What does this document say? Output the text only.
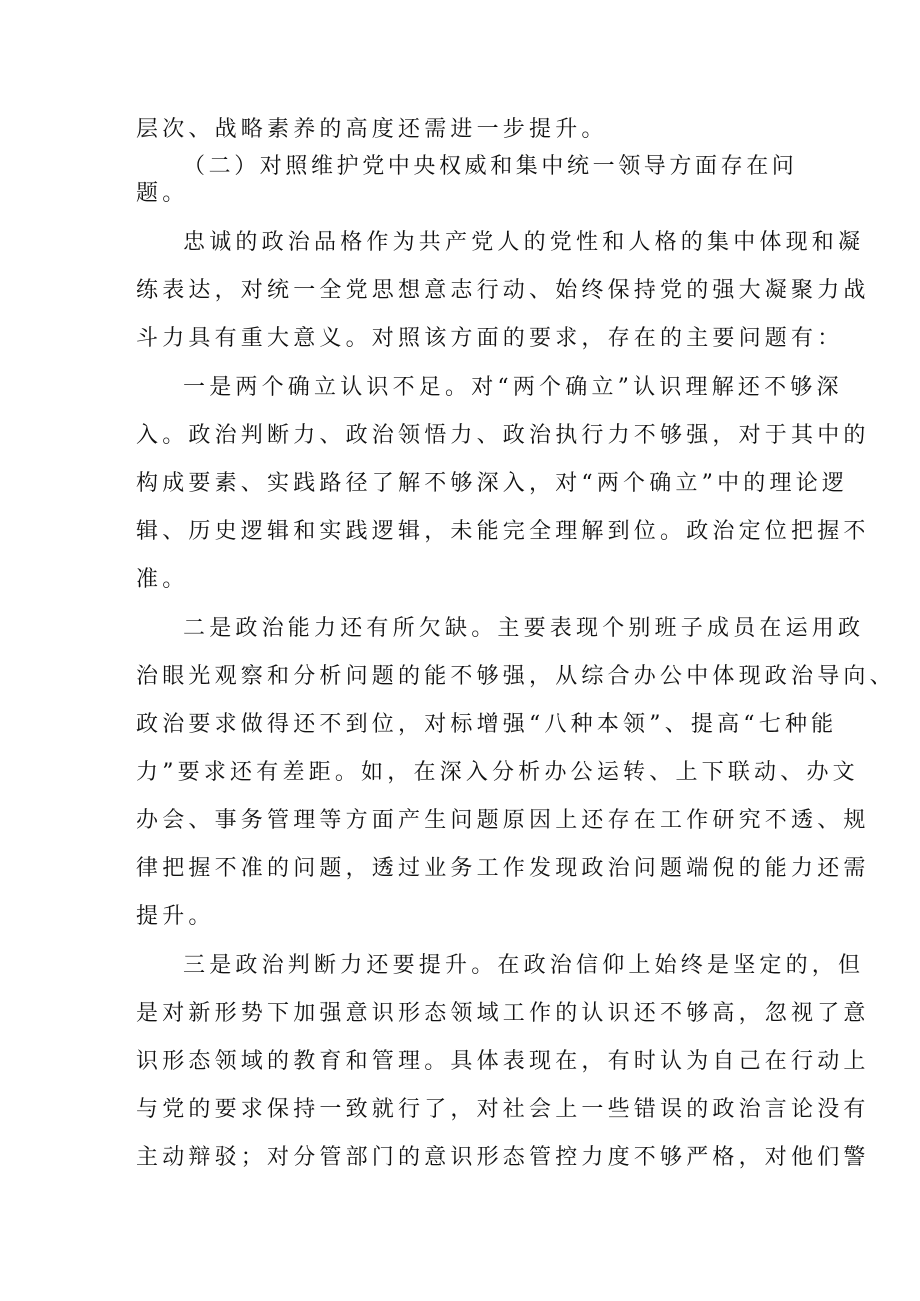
层次、战略素养的高度还需进一步提升。
（二）对照维护党中央权威和集中统一领导方面存在问
题。
忠诚的政治品格作为共产党人的党性和人格的集中体现和凝
练表达，对统一全党思想意志行动、始终保持党的强大凝聚力战
斗力具有重大意义。对照该方面的要求，存在的主要问题有：
一是两个确立认识不足。对“两个确立”认识理解还不够深
入。政治判断力、政治领悟力、政治执行力不够强，对于其中的
构成要素、实践路径了解不够深入，对“两个确立”中的理论逻
辑、历史逻辑和实践逻辑，未能完全理解到位。政治定位把握不
准。
二是政治能力还有所欠缺。主要表现个别班子成员在运用政
治眼光观察和分析问题的能不够强，从综合办公中体现政治导向、
政治要求做得还不到位，对标增强“八种本领”、提高“七种能
力”要求还有差距。如，在深入分析办公运转、上下联动、办文
办会、事务管理等方面产生问题原因上还存在工作研究不透、规
律把握不准的问题，透过业务工作发现政治问题端倪的能力还需
提升。
三是政治判断力还要提升。在政治信仰上始终是坚定的，但
是对新形势下加强意识形态领域工作的认识还不够高，忽视了意
识形态领域的教育和管理。具体表现在，有时认为自己在行动上
与党的要求保持一致就行了，对社会上一些错误的政治言论没有
主动辩驳；对分管部门的意识形态管控力度不够严格，对他们警
